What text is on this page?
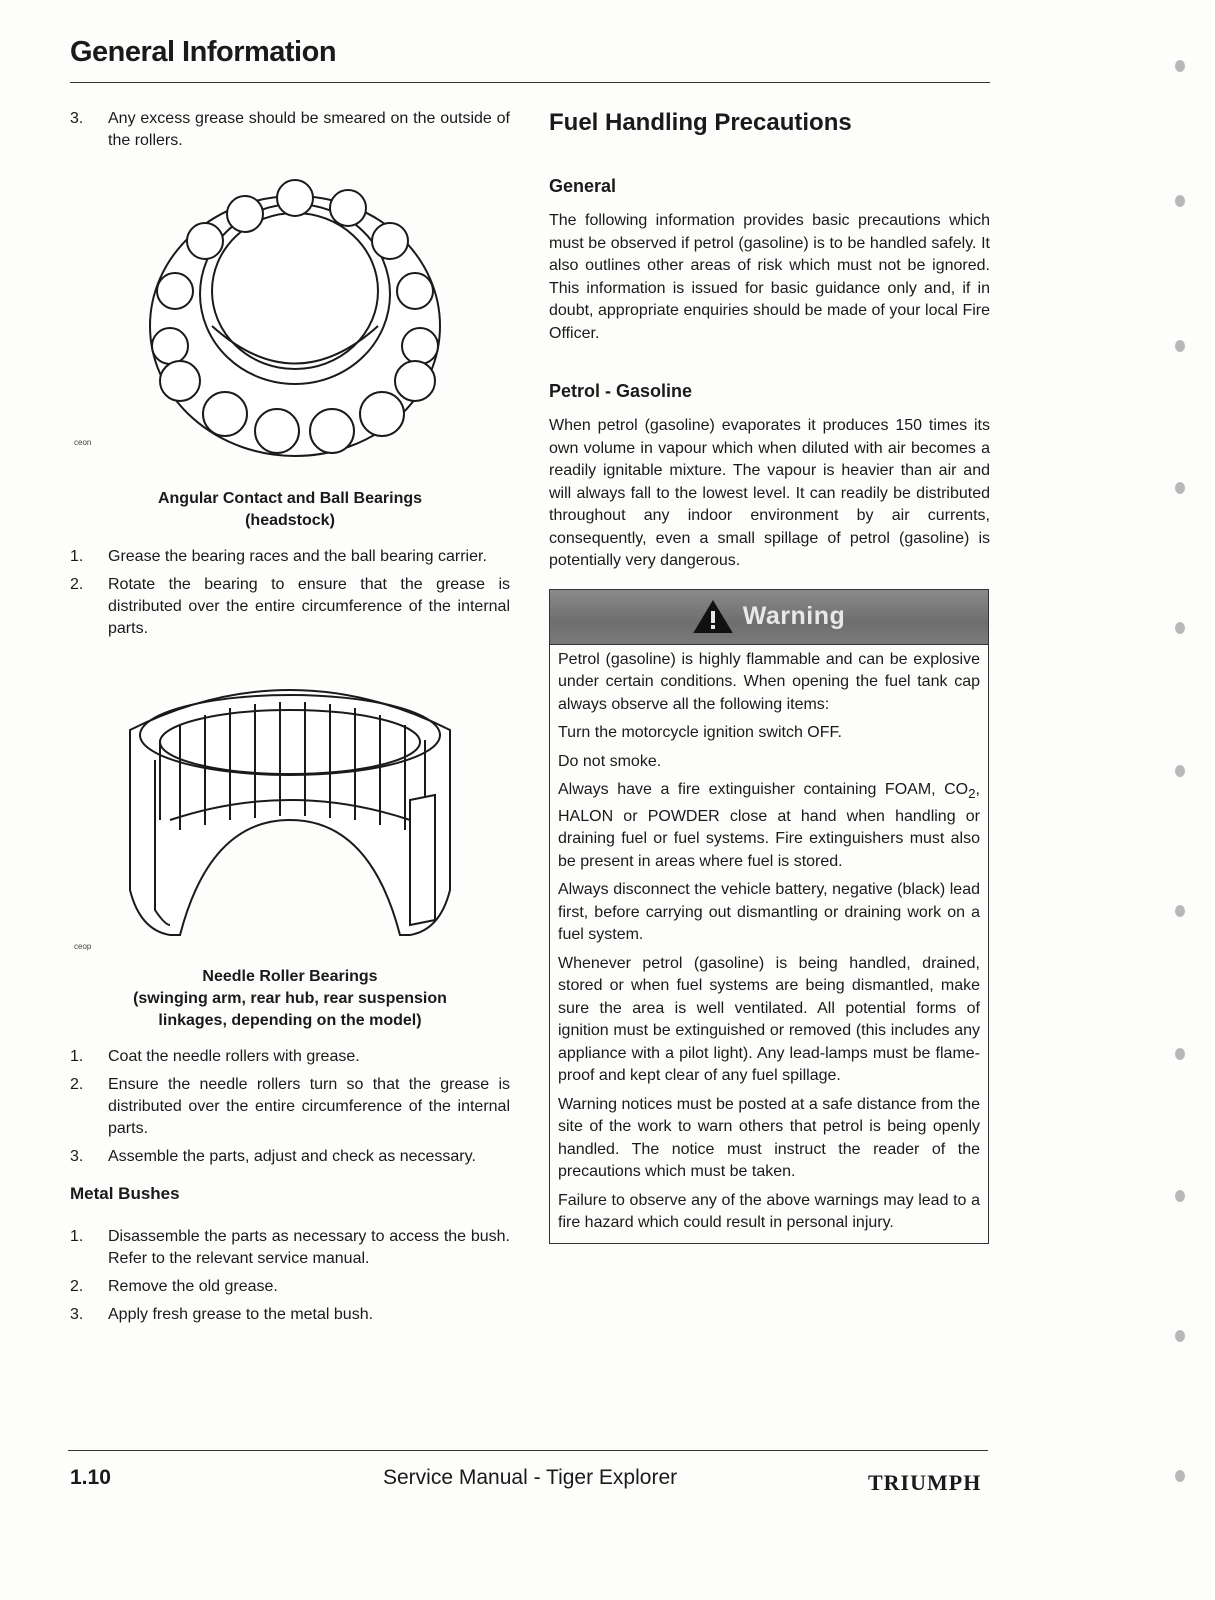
General Information
3. Any excess grease should be smeared on the outside of the rollers.
ceon
Angular Contact and Ball Bearings
(headstock)
1. Grease the bearing races and the ball bearing carrier.
2. Rotate the bearing to ensure that the grease is distributed over the entire circumference of the internal parts.
ceop
Needle Roller Bearings
(swinging arm, rear hub, rear suspension
linkages, depending on the model)
1. Coat the needle rollers with grease.
2. Ensure the needle rollers turn so that the grease is distributed over the entire circumference of the internal parts.
3. Assemble the parts, adjust and check as necessary.
Metal Bushes
1. Disassemble the parts as necessary to access the bush. Refer to the relevant service manual.
2. Remove the old grease.
3. Apply fresh grease to the metal bush.
Fuel Handling Precautions
General

The following information provides basic precautions which must be observed if petrol (gasoline) is to be handled safely. It also outlines other areas of risk which must not be ignored. This information is issued for basic guidance only and, if in doubt, appropriate enquiries should be made of your local Fire Officer.

Petrol - Gasoline

When petrol (gasoline) evaporates it produces 150 times its own volume in vapour which when diluted with air becomes a readily ignitable mixture. The vapour is heavier than air and will always fall to the lowest level. It can readily be distributed throughout any indoor environment by air currents, consequently, even a small spillage of petrol (gasoline) is potentially very dangerous.

Warning

Petrol (gasoline) is highly flammable and can be explosive under certain conditions. When opening the fuel tank cap always observe all the following items:

Turn the motorcycle ignition switch OFF.

Do not smoke.

Always have a fire extinguisher containing FOAM, $CO_2$, HALON or POWDER close at hand when handling or draining fuel or fuel systems. Fire extinguishers must also be present in areas where fuel is stored.

Always disconnect the vehicle battery, negative (black) lead first, before carrying out dismantling or draining work on a fuel system.

Whenever petrol (gasoline) is being handled, drained, stored or when fuel systems are being dismantled, make sure the area is well ventilated. All potential forms of ignition must be extinguished or removed (this includes any appliance with a pilot light). Any lead-lamps must be flame-proof and kept clear of any fuel spillage.

Warning notices must be posted at a safe distance from the site of the work to warn others that petrol is being openly handled. The notice must instruct the reader of the precautions which must be taken.

Failure to observe any of the above warnings may lead to a fire hazard which could result in personal injury.

1.10	Service Manual - Tiger Explorer	TRIUMPH
